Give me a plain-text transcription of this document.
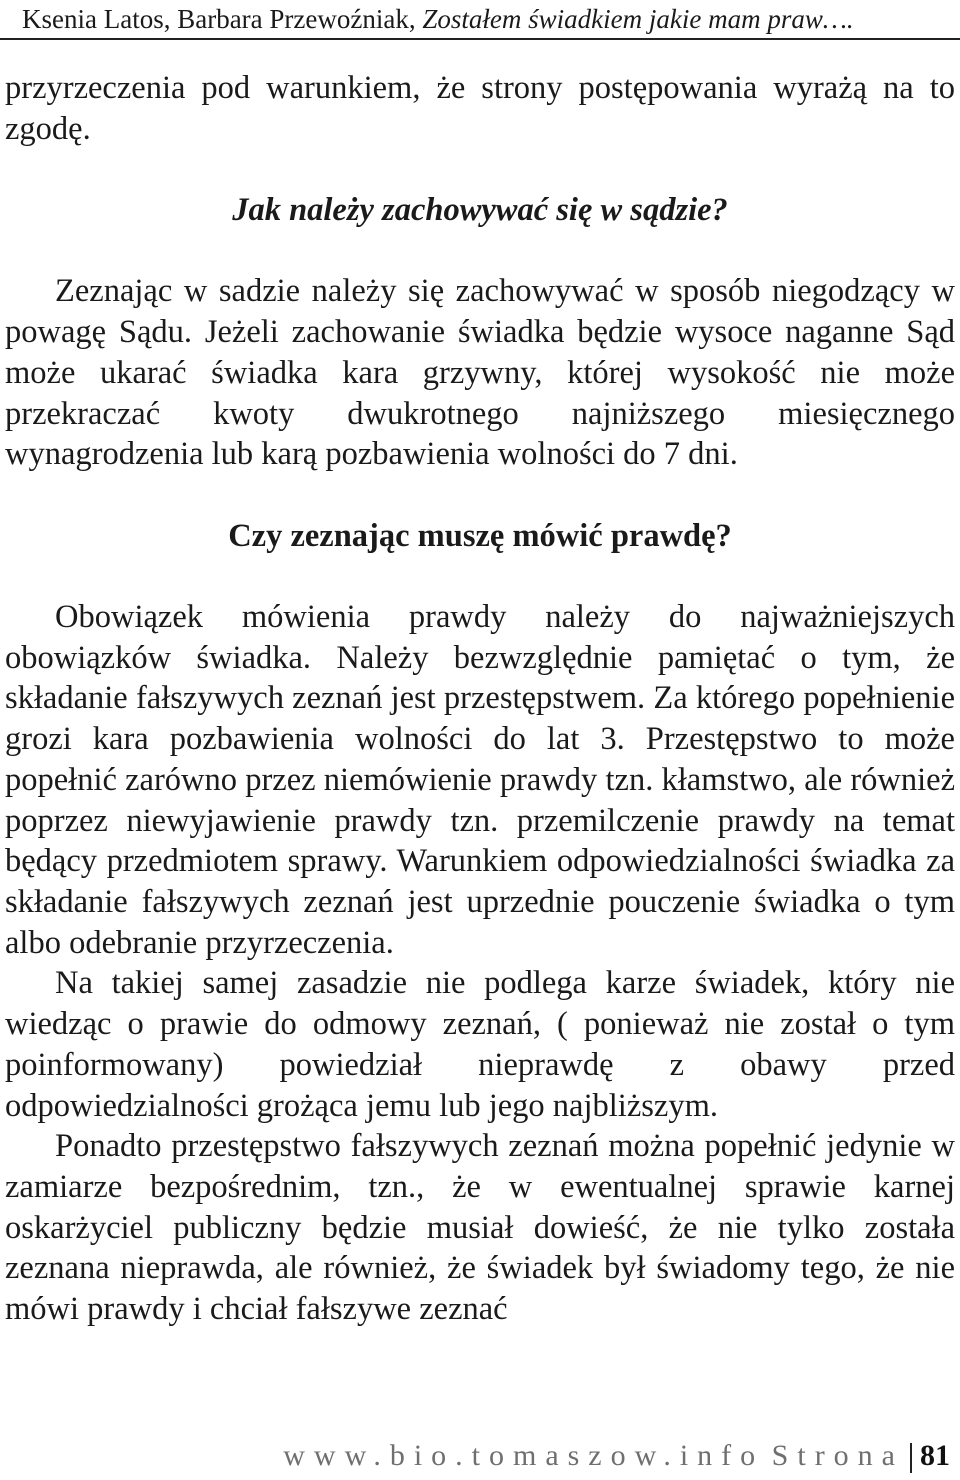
Ksenia Latos, Barbara Przewoźniak, Zostałem świadkiem jakie mam praw….

przyrzeczenia pod warunkiem, że strony postępowania wyrażą na to zgodę.

Jak należy zachowywać się w sądzie?

Zeznając w sadzie należy się zachowywać w sposób niegodzący w powagę Sądu. Jeżeli zachowanie świadka będzie wysoce naganne Sąd może ukarać świadka kara grzywny, której wysokość nie może przekraczać kwoty dwukrotnego najniższego miesięcznego wynagrodzenia lub karą pozbawienia wolności do 7 dni.

Czy zeznając muszę mówić prawdę?

Obowiązek mówienia prawdy należy do najważniejszych obowiązków świadka. Należy bezwzględnie pamiętać o tym, że składanie fałszywych zeznań jest przestępstwem. Za którego popełnienie grozi kara pozbawienia wolności do lat 3. Przestępstwo to może popełnić zarówno przez niemówienie prawdy tzn. kłamstwo, ale również poprzez niewyjawienie prawdy tzn. przemilczenie prawdy na temat będący przedmiotem sprawy. Warunkiem odpowiedzialności świadka za składanie fałszywych zeznań jest uprzednie pouczenie świadka o tym albo odebranie przyrzeczenia.

Na takiej samej zasadzie nie podlega karze świadek, który nie wiedząc o prawie do odmowy zeznań, ( ponieważ nie został o tym poinformowany) powiedział nieprawdę z obawy przed odpowiedzialności grożąca jemu lub jego najbliższym.

Ponadto przestępstwo fałszywych zeznań można popełnić jedynie w zamiarze bezpośrednim, tzn., że w ewentualnej sprawie karnej oskarżyciel publiczny będzie musiał dowieść, że nie tylko została zeznana nieprawda, ale również, że świadek był świadomy tego, że nie mówi prawdy i chciał fałszywe zeznać

www.bio.tomaszow.info Strona 81
